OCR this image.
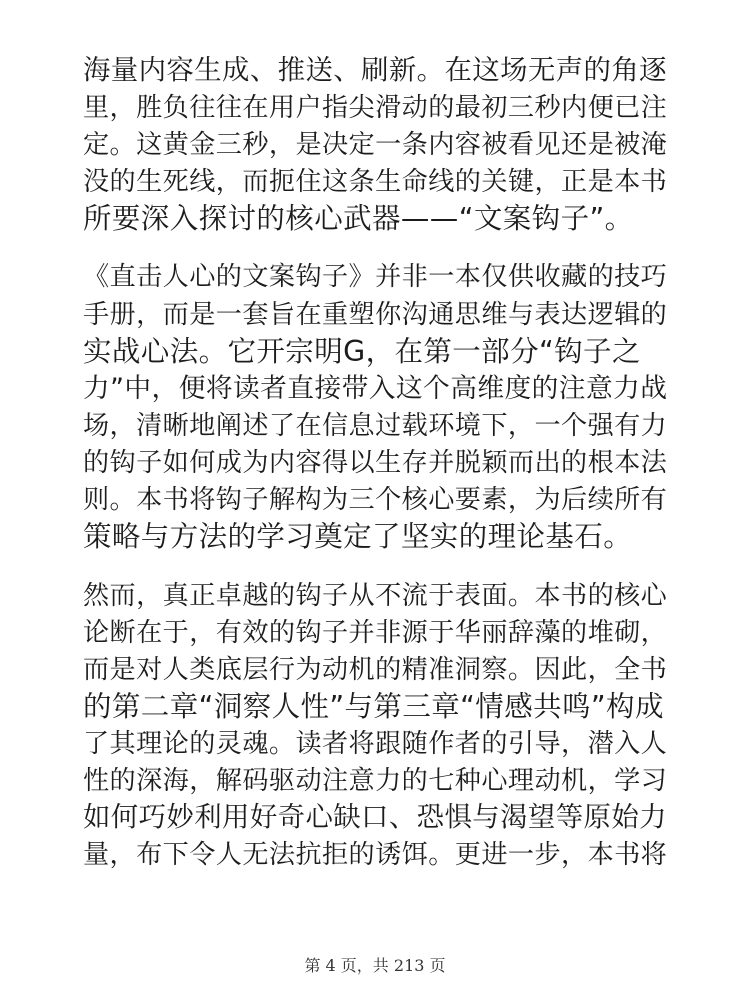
海量内容生成、推送、刷新。在这场无声的角逐
里，胜负往往在用户指尖滑动的最初三秒内便已注
定。这黄金三秒，是决定一条内容被看见还是被淹
没的生死线，而扼住这条生命线的关键，正是本书
所要深入探讨的核心武器——“文案钩子”。
《直击人心的文案钩子》并非一本仅供收藏的技巧
手册，而是一套旨在重塑你沟通思维与表达逻辑的
实战心法。它开宗明G，在第一部分“钩子之
力”中，便将读者直接带入这个高维度的注意力战
场，清晰地阐述了在信息过载环境下，一个强有力
的钩子如何成为内容得以生存并脱颖而出的根本法
则。本书将钩子解构为三个核心要素，为后续所有
策略与方法的学习奠定了坚实的理论基石。
然而，真正卓越的钩子从不流于表面。本书的核心
论断在于，有效的钩子并非源于华丽辞藻的堆砌，
而是对人类底层行为动机的精准洞察。因此，全书
的第二章“洞察人性”与第三章“情感共鸣”构成
了其理论的灵魂。读者将跟随作者的引导，潜入人
性的深海，解码驱动注意力的七种心理动机，学习
如何巧妙利用好奇心缺口、恐惧与渴望等原始力
量，布下令人无法抗拒的诱饵。更进一步，本书将
第 4 页，共 213 页
